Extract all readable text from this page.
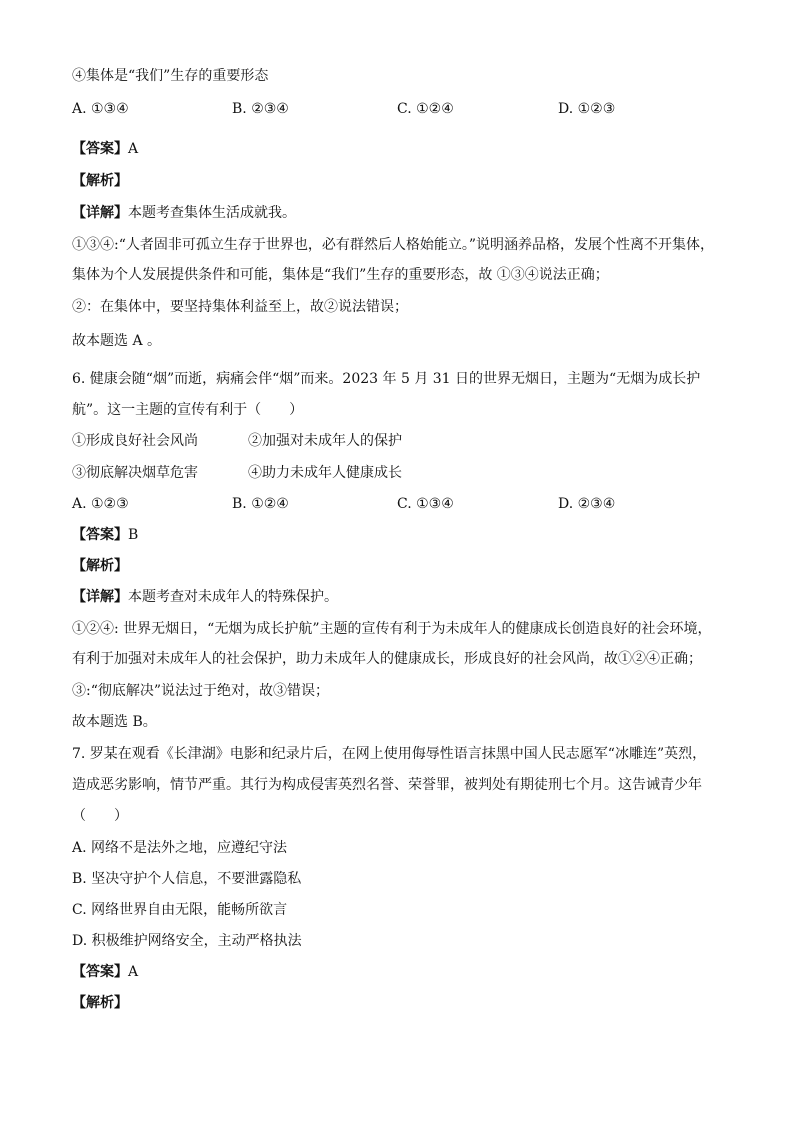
④集体是“我们”生存的重要形态
A. ①③④	B. ②③④	C. ①②④	D. ①②③
【答案】A
【解析】
【详解】本题考查集体生活成就我。
①③④:“人者固非可孤立生存于世界也，必有群然后人格始能立。”说明涵养品格，发展个性离不开集体，
集体为个人发展提供条件和可能，集体是“我们”生存的重要形态，故 ①③④说法正确；
②：在集体中，要坚持集体利益至上，故②说法错误；
故本题选 A 。
6. 健康会随“烟”而逝，病痛会伴“烟”而来。2023 年 5 月 31 日的世界无烟日，主题为“无烟为成长护
航”。这一主题的宣传有利于（　　）
①形成良好社会风尚	②加强对未成年人的保护
③彻底解决烟草危害	④助力未成年人健康成长
A. ①②③	B. ①②④	C. ①③④	D. ②③④
【答案】B
【解析】
【详解】本题考查对未成年人的特殊保护。
①②④: 世界无烟日，“无烟为成长护航”主题的宣传有利于为未成年人的健康成长创造良好的社会环境，
有利于加强对未成年人的社会保护，助力未成年人的健康成长，形成良好的社会风尚，故①②④正确；
③:“彻底解决”说法过于绝对，故③错误；
故本题选 B。
7. 罗某在观看《长津湖》电影和纪录片后，在网上使用侮辱性语言抹黑中国人民志愿军“冰雕连”英烈，
造成恶劣影响，情节严重。其行为构成侵害英烈名誉、荣誉罪，被判处有期徒刑七个月。这告诫青少年
（　　）
A. 网络不是法外之地，应遵纪守法
B. 坚决守护个人信息，不要泄露隐私
C. 网络世界自由无限，能畅所欲言
D. 积极维护网络安全，主动严格执法
【答案】A
【解析】
